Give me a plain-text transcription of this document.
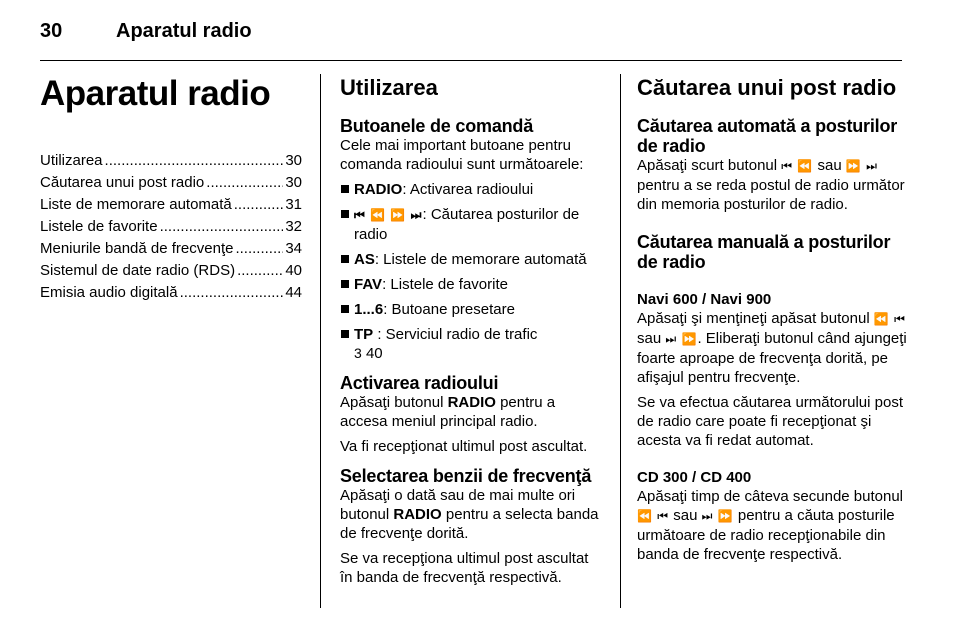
30	Aparatul radio
Aparatul radio
Utilizarea .....	30
Căutarea unui post radio .....	30
Liste de memorare automată .....	31
Listele de favorite .....	32
Meniurile bandă de frecvenţe .....	34
Sistemul de date radio (RDS) .....	40
Emisia audio digitală .....	44
Utilizarea
Butoanele de comandă

Cele mai important butoane pentru comanda radioului sunt următoarele:

RADIO: Activarea radioului
⏮ ⏪ ⏩ ⏭: Căutarea posturilor de radio
AS: Listele de memorare automată
FAV: Listele de favorite
1...6: Butoane presetare
TP : Serviciul radio de trafic
3 40
Activarea radioului

Apăsaţi butonul RADIO pentru a accesa meniul principal radio.

Va fi recepţionat ultimul post ascultat.

Selectarea benzii de frecvenţă

Apăsaţi o dată sau de mai multe ori butonul RADIO pentru a selecta banda de frecvenţe dorită.

Se va recepţiona ultimul post ascultat în banda de frecvenţă respectivă.

Căutarea unui post radio
Căutarea automată a posturilor de radio

Apăsaţi scurt butonul ⏮ ⏪ sau ⏩ ⏭ pentru a se reda postul de radio următor din memoria posturilor de radio.

Căutarea manuală a posturilor de radio
Navi 600 / Navi 900

Apăsaţi şi menţineţi apăsat butonul ⏪ ⏮ sau ⏭ ⏩. Eliberaţi butonul când ajungeţi foarte aproape de frecvenţa dorită, pe afişajul pentru frecvenţe.

Se va efectua căutarea următorului post de radio care poate fi recepţionat şi acesta va fi redat automat.

CD 300 / CD 400

Apăsaţi timp de câteva secunde butonul ⏪ ⏮ sau ⏭ ⏩ pentru a căuta posturile următoare de radio recepţionabile din banda de frecvenţe respectivă.
